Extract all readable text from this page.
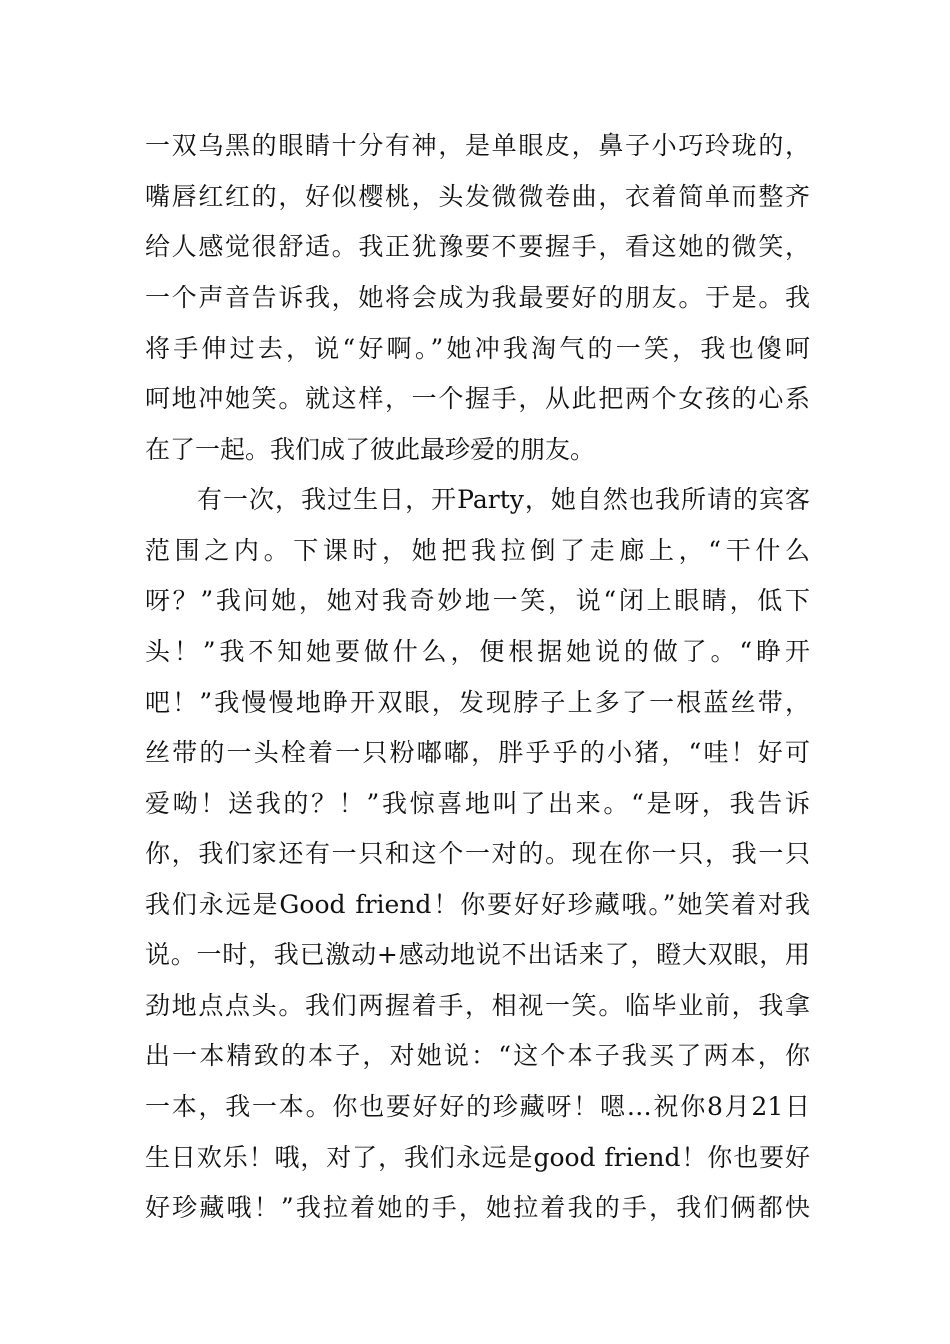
一双乌黑的眼睛十分有神，是单眼皮，鼻子小巧玲珑的，
嘴唇红红的，好似樱桃，头发微微卷曲，衣着简单而整齐
给人感觉很舒适。我正犹豫要不要握手，看这她的微笑，
一个声音告诉我，她将会成为我最要好的朋友。于是。我
将手伸过去，说“好啊。”她冲我淘气的一笑，我也傻呵
呵地冲她笑。就这样，一个握手，从此把两个女孩的心系
在了一起。我们成了彼此最珍爱的朋友。
　　有一次，我过生日，开Party，她自然也我所请的宾客
范围之内。下课时，她把我拉倒了走廊上，“干什么
呀？”我问她，她对我奇妙地一笑，说“闭上眼睛，低下
头！”我不知她要做什么，便根据她说的做了。“睁开
吧！”我慢慢地睁开双眼，发现脖子上多了一根蓝丝带，
丝带的一头栓着一只粉嘟嘟，胖乎乎的小猪，“哇！好可
爱呦！送我的？！”我惊喜地叫了出来。“是呀，我告诉
你，我们家还有一只和这个一对的。现在你一只，我一只
我们永远是Good friend！你要好好珍藏哦。”她笑着对我
说。一时，我已激动+感动地说不出话来了，瞪大双眼，用
劲地点点头。我们两握着手，相视一笑。临毕业前，我拿
出一本精致的本子，对她说：“这个本子我买了两本，你
一本，我一本。你也要好好的珍藏呀！嗯…祝你8月21日
生日欢乐！哦，对了，我们永远是good friend！你也要好
好珍藏哦！”我拉着她的手，她拉着我的手，我们俩都快
